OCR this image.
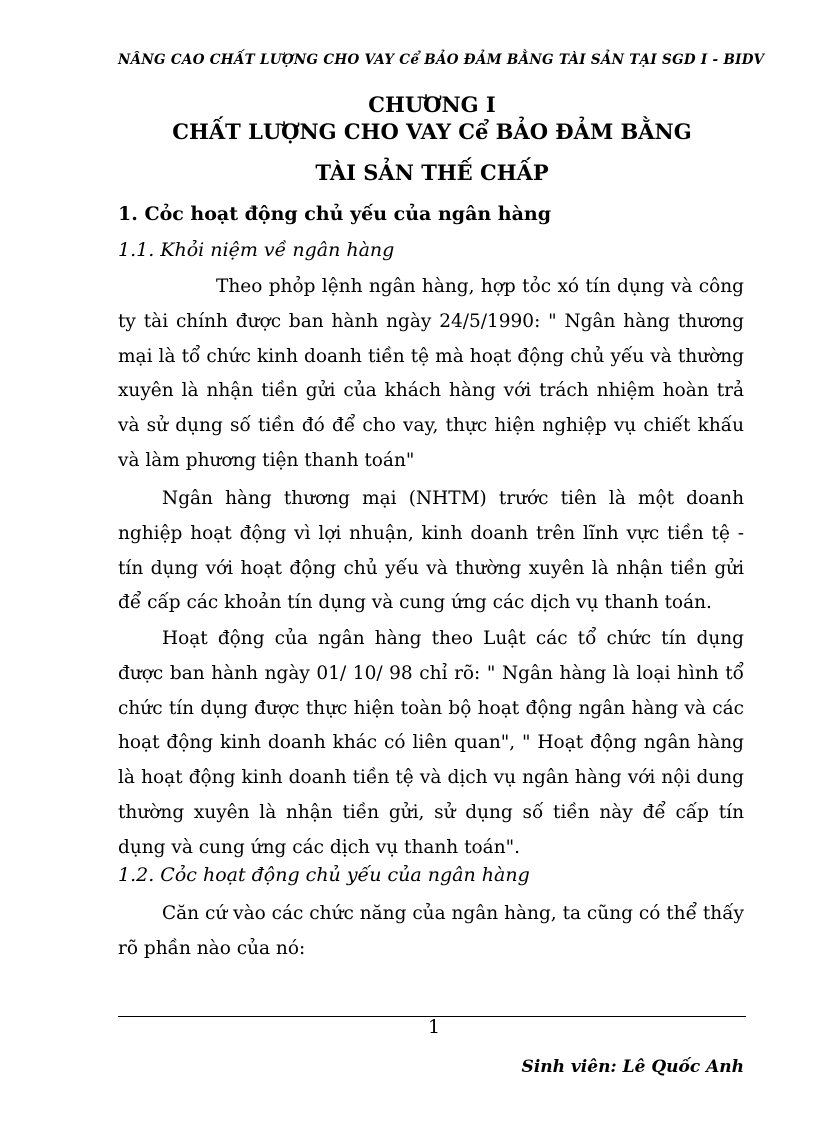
NÂNG CAO CHẤT LƯỢNG CHO VAY Cể BẢO ĐẢM BẰNG TÀI SẢN TẠI SGD I - BIDV
CHƯƠNG I
CHẤT LƯỢNG CHO VAY Cể BẢO ĐẢM BẰNG
TÀI SẢN THẾ CHẤP
1. Cỏc hoạt động chủ yếu của ngân hàng
1.1. Khỏi niệm về ngân hàng
Theo phỏp lệnh ngân hàng, hợp tỏc xó tín dụng và công ty tài chính được ban hành ngày 24/5/1990: " Ngân hàng thương mại là tổ chức kinh doanh tiền tệ mà hoạt động chủ yếu và thường xuyên là nhận tiền gửi của khách hàng với trách nhiệm hoàn trả và sử dụng số tiền đó để cho vay, thực hiện nghiệp vụ chiết khấu và làm phương tiện thanh toán"
Ngân hàng thương mại (NHTM) trước tiên là một doanh nghiệp hoạt động vì lợi nhuận, kinh doanh trên lĩnh vực tiền tệ - tín dụng với hoạt động chủ yếu và thường xuyên là nhận tiền gửi để cấp các khoản tín dụng và cung ứng các dịch vụ thanh toán.
Hoạt động của ngân hàng theo Luật các tổ chức tín dụng được ban hành ngày 01/ 10/ 98 chỉ rõ: " Ngân hàng là loại hình tổ chức tín dụng được thực hiện toàn bộ hoạt động ngân hàng và các hoạt động kinh doanh khác có liên quan", " Hoạt động ngân hàng là hoạt động kinh doanh tiền tệ và dịch vụ ngân hàng với nội dung thường xuyên là nhận tiền gửi, sử dụng số tiền này để cấp tín dụng và cung ứng các dịch vụ thanh toán".
1.2. Cỏc hoạt động chủ yếu của ngân hàng
Căn cứ vào các chức năng của ngân hàng, ta cũng có thể thấy rõ phần nào của nó:
1
Sinh viên: Lê Quốc Anh
